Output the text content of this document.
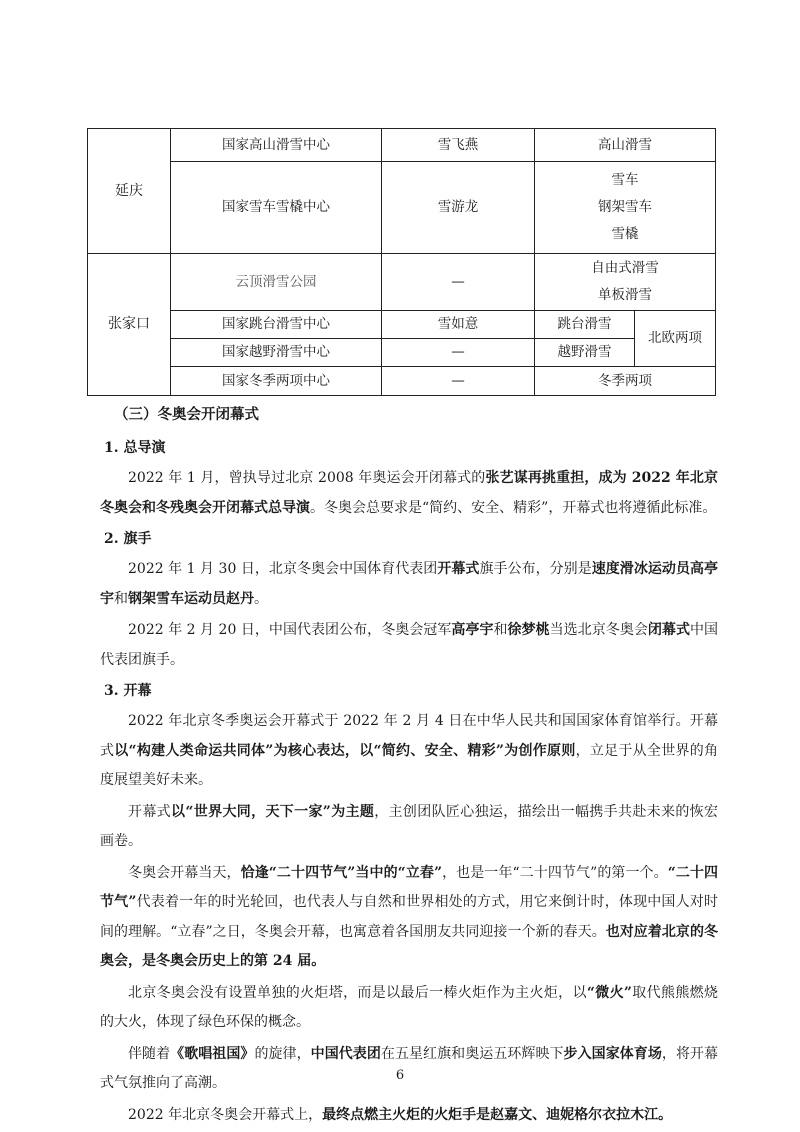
延庆	国家高山滑雪中心	雪飞燕	高山滑雪	

	国家雪车雪橇中心	雪游龙	雪车
钢架雪车
雪橇	

张家口	云顶滑雪公园	—	自由式滑雪
单板滑雪	

	国家跳台滑雪中心	雪如意	跳台滑雪	北欧两项
	国家越野滑雪中心	—	越野滑雪	
	国家冬季两项中心	—	冬季两项	
（三）冬奥会开闭幕式
1. 总导演

2022 年 1 月，曾执导过北京 2008 年奥运会开闭幕式的张艺谋再挑重担，成为 2022 年北京冬奥会和冬残奥会开闭幕式总导演。冬奥会总要求是“简约、安全、精彩”，开幕式也将遵循此标准。

2. 旗手

2022 年 1 月 30 日，北京冬奥会中国体育代表团开幕式旗手公布，分别是速度滑冰运动员高亭宇和钢架雪车运动员赵丹。

2022 年 2 月 20 日，中国代表团公布，冬奥会冠军高亭宇和徐梦桃当选北京冬奥会闭幕式中国代表团旗手。

3. 开幕

2022 年北京冬季奥运会开幕式于 2022 年 2 月 4 日在中华人民共和国国家体育馆举行。开幕式以“构建人类命运共同体”为核心表达，以“简约、安全、精彩”为创作原则，立足于从全世界的角度展望美好未来。

开幕式以“世界大同，天下一家”为主题，主创团队匠心独运，描绘出一幅携手共赴未来的恢宏画卷。

冬奥会开幕当天，恰逢“二十四节气”当中的“立春”，也是一年“二十四节气”的第一个。“二十四节气”代表着一年的时光轮回，也代表人与自然和世界相处的方式，用它来倒计时，体现中国人对时间的理解。“立春”之日，冬奥会开幕，也寓意着各国朋友共同迎接一个新的春天。也对应着北京的冬奥会，是冬奥会历史上的第 24 届。

北京冬奥会没有设置单独的火炬塔，而是以最后一棒火炬作为主火炬，以“微火”取代熊熊燃烧的大火，体现了绿色环保的概念。

伴随着《歌唱祖国》的旋律，中国代表团在五星红旗和奥运五环辉映下步入国家体育场，将开幕式气氛推向了高潮。

2022 年北京冬奥会开幕式上，最终点燃主火炬的火炬手是赵嘉文、迪妮格尔衣拉木江。

6
